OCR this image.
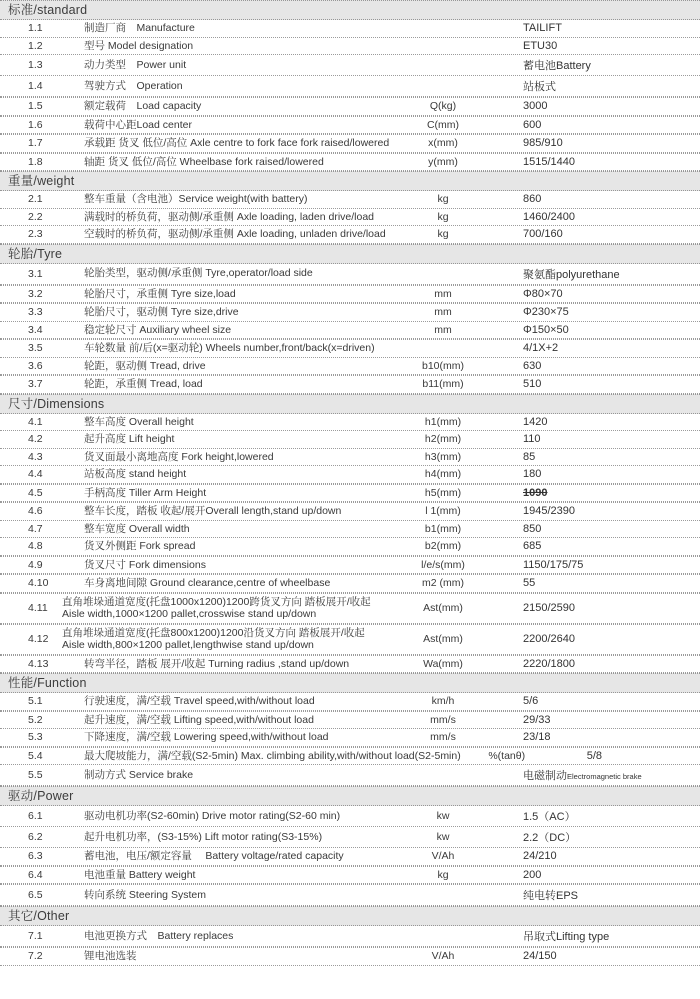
标准/standard
1.1	制造厂商　Manufacture	TAILIFT
1.2	型号 Model designation	ETU30
1.3	动力类型　Power unit	蓄电池Battery
1.4	驾驶方式　Operation	站板式
1.5	额定载荷　Load capacity	Q(kg)	3000
1.6	载荷中心距Load center	C(mm)	600
1.7	承载距 货叉 低位/高位 Axle centre to fork face fork raised/lowered	x(mm)	985/910
1.8	轴距 货叉 低位/高位 Wheelbase fork raised/lowered	y(mm)	1515/1440
重量/weight
2.1	整车重量（含电池）Service weight(with battery)	kg	860
2.2	满载时的桥负荷，驱动侧/承重侧 Axle loading, laden drive/load	kg	1460/2400
2.3	空载时的桥负荷，驱动侧/承重侧 Axle loading, unladen drive/load	kg	700/160
轮胎/Tyre
3.1	轮胎类型，驱动侧/承重侧 Tyre,operator/load side	聚氨酯polyurethane
3.2	轮胎尺寸，承重侧 Tyre size,load	mm	Φ80×70
3.3	轮胎尺寸，驱动侧 Tyre size,drive	mm	Φ230×75
3.4	稳定轮尺寸 Auxiliary wheel size	mm	Φ150×50
3.5	车轮数量 前/后(x=驱动轮) Wheels number,front/back(x=driven)	4/1X+2
3.6	轮距，驱动侧 Tread, drive	b10(mm)	630
3.7	轮距，承重侧 Tread, load	b11(mm)	510
尺寸/Dimensions
4.1	整车高度 Overall height	h1(mm)	1420
4.2	起升高度 Lift height	h2(mm)	110
4.3	货叉面最小离地高度 Fork height,lowered	h3(mm)	85
4.4	站板高度 stand height	h4(mm)	180
4.5	手柄高度 Tiller Arm Height	h5(mm)	1090
4.6	整车长度，踏板 收起/展开Overall length,stand up/down	l 1(mm)	1945/2390
4.7	整车宽度 Overall width	b1(mm)	850
4.8	货叉外侧距 Fork spread	b2(mm)	685
4.9	货叉尺寸 Fork dimensions	l/e/s(mm)	1150/175/75
4.10	车身离地间隙 Ground clearance,centre of wheelbase	m2 (mm)	55
4.11
直角堆垛通道宽度(托盘1000x1200)1200跨货叉方向 踏板展开/收起
Aisle width,1000×1200 pallet,crosswise stand up/down	Ast(mm)	2150/2590
4.12
直角堆垛通道宽度(托盘800x1200)1200沿货叉方向 踏板展开/收起
Aisle width,800×1200 pallet,lengthwise stand up/down	Ast(mm)	2200/2640
4.13	转弯半径，踏板 展开/收起 Turning radius ,stand up/down	Wa(mm)	2220/1800
性能/Function
5.1	行驶速度，满/空载 Travel speed,with/without load	km/h	5/6
5.2	起升速度，满/空载 Lifting speed,with/without load	mm/s	29/33
5.3	下降速度，满/空载 Lowering speed,with/without load	mm/s	23/18
5.4	最大爬坡能力，满/空载(S2-5min) Max. climbing ability,with/without load(S2-5min)	%(tanθ)	5/8
5.5	制动方式 Service brake	电磁制动Electromagnetic brake
驱动/Power
6.1	驱动电机功率(S2-60min) Drive motor rating(S2-60 min)	kw	1.5（AC）
6.2	起升电机功率，(S3-15%) Lift motor rating(S3-15%)	kw	2.2（DC）
6.3	蓄电池，电压/额定容量　 Battery voltage/rated capacity	V/Ah	24/210
6.4	电池重量 Battery weight	kg	200
6.5	转向系统 Steering System	纯电转EPS
其它/Other
7.1	电池更换方式　Battery replaces	吊取式Lifting type
7.2	锂电池选装	V/Ah	24/150
